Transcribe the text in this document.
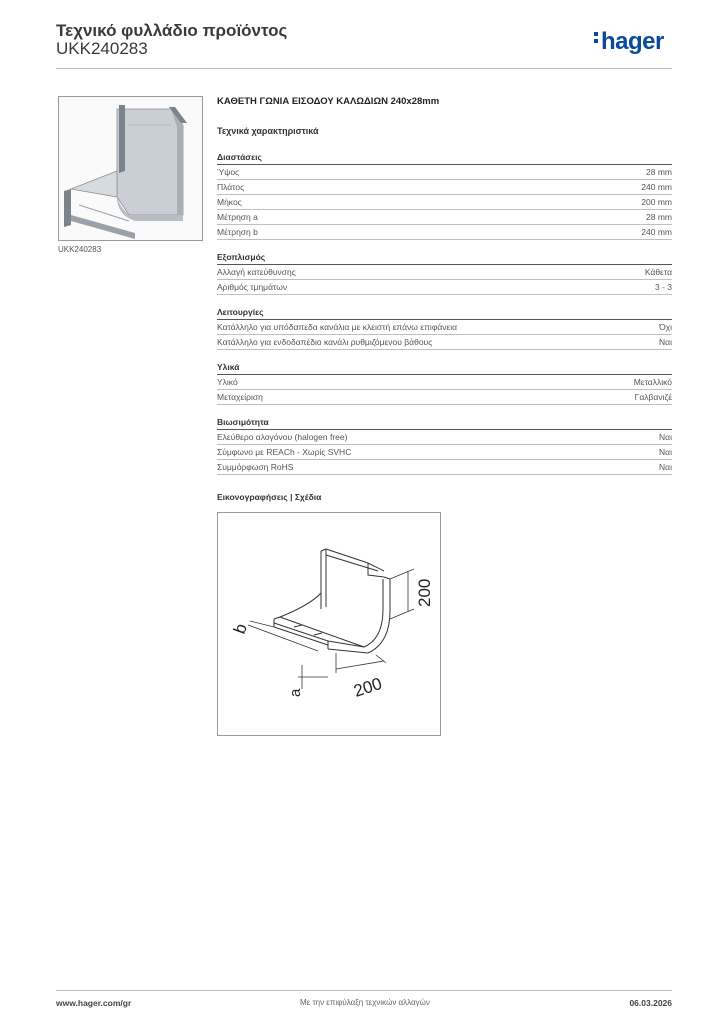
Τεχνικό φυλλάδιο προϊόντος
UKK240283	hager
UKK240283
ΚΑΘΕΤΗ ΓΩΝΙΑ ΕΙΣΟΔΟΥ ΚΑΛΩΔΙΩΝ 240x28mm
Τεχνικά χαρακτηριστικά
Διαστάσεις
Ύψος	28 mm
Πλάτος	240 mm
Μήκος	200 mm
Μέτρηση a	28 mm
Μέτρηση b	240 mm
Εξοπλισμός
Αλλαγή κατεύθυνσης	Κάθετα
Αριθμός τμημάτων	3 - 3
Λειτουργίες
Κατάλληλο για υπόδαπεδα κανάλια με κλειστή επάνω επιφάνεια	Όχι
Κατάλληλο για ενδοδαπέδιο κανάλι ρυθμιζόμενου βάθους	Ναι
Υλικά
Υλικό	Μεταλλικό
Μεταχείριση	Γαλβανιζέ
Βιωσιμότητα
Ελεύθερο αλογόνου (halogen free)	Ναι
Σύμφωνο με REACh - Χωρίς SVHC	Ναι
Συμμόρφωση RoHS	Ναι
Εικονογραφήσεις | Σχέδια
200
200
b
a
www.hager.com/gr	Με την επιφύλαξη τεχνικών αλλαγών	06.03.2026
